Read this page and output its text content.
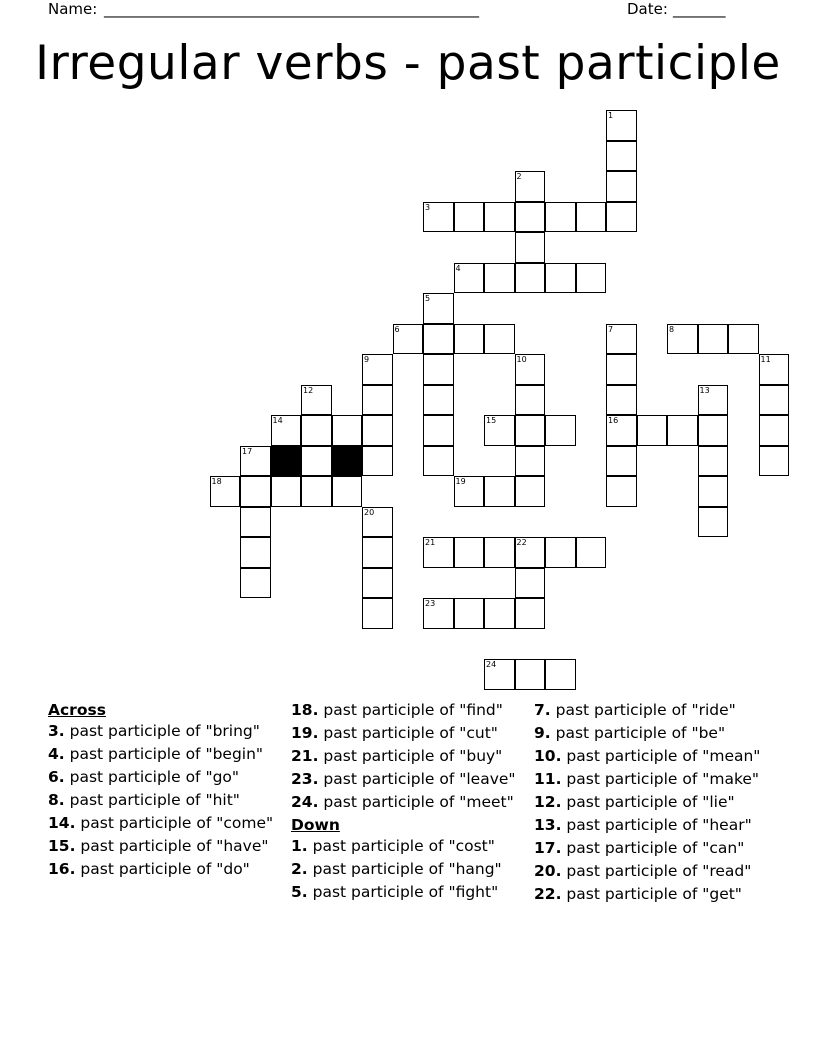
Name: __________________________________________________	Date: _______
Irregular verbs - past participle
1
2
3
4
5
6	7	8
9	10	11
12	13
14	15	16
17
18	19
20
21	22
23
24
Across
3. past participle of "bring"
4. past participle of "begin"
6. past participle of "go"
8. past participle of "hit"
14. past participle of "come"
15. past participle of "have"
16. past participle of "do"
18. past participle of "find"
19. past participle of "cut"
21. past participle of "buy"
23. past participle of "leave"
24. past participle of "meet"
Down
1. past participle of "cost"
2. past participle of "hang"
5. past participle of "fight"
7. past participle of "ride"
9. past participle of "be"
10. past participle of "mean"
11. past participle of "make"
12. past participle of "lie"
13. past participle of "hear"
17. past participle of "can"
20. past participle of "read"
22. past participle of "get"
